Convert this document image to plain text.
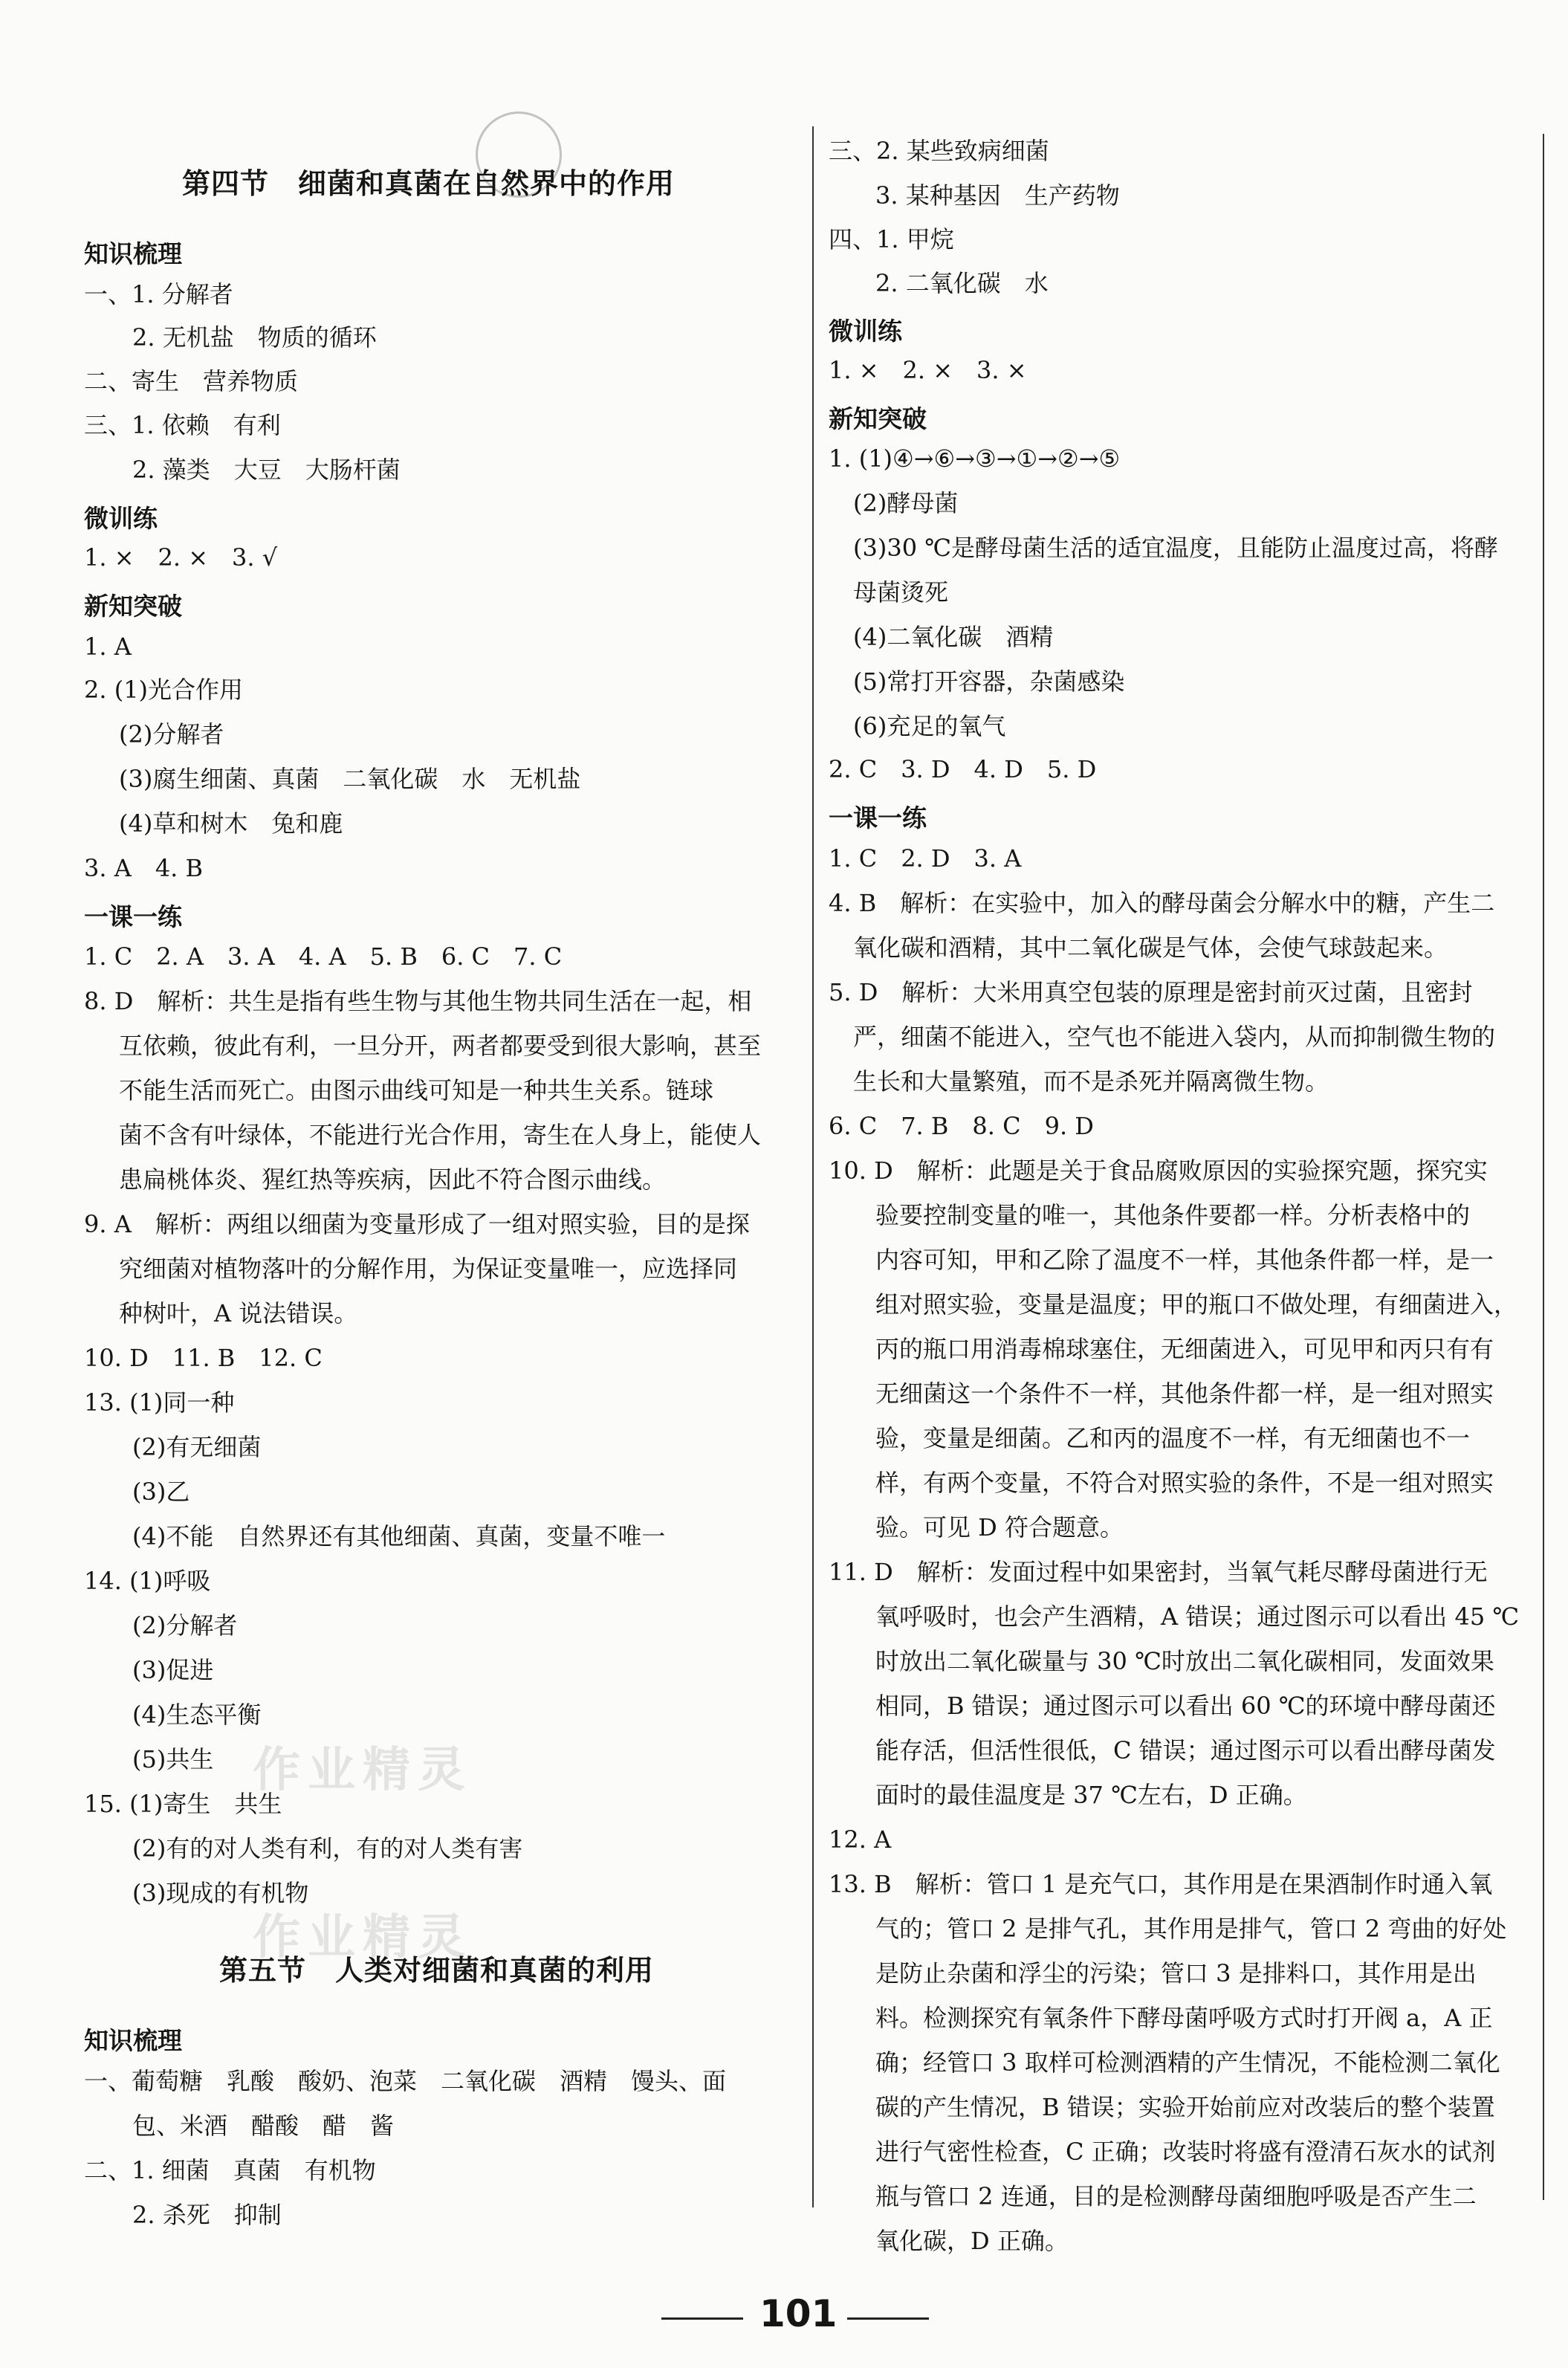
作业精灵
作业精灵
第四节　细菌和真菌在自然界中的作用
知识梳理
一、1. 分解者
2. 无机盐　物质的循环
二、寄生　营养物质
三、1. 依赖　有利
2. 藻类　大豆　大肠杆菌
微训练
1. ×　2. ×　3. √
新知突破
1. A
2. (1)光合作用
(2)分解者
(3)腐生细菌、真菌　二氧化碳　水　无机盐
(4)草和树木　兔和鹿
3. A　4. B
一课一练
1. C　2. A　3. A　4. A　5. B　6. C　7. C
8. D　解析：共生是指有些生物与其他生物共同生活在一起，相
互依赖，彼此有利，一旦分开，两者都要受到很大影响，甚至
不能生活而死亡。由图示曲线可知是一种共生关系。链球
菌不含有叶绿体，不能进行光合作用，寄生在人身上，能使人
患扁桃体炎、猩红热等疾病，因此不符合图示曲线。
9. A　解析：两组以细菌为变量形成了一组对照实验，目的是探
究细菌对植物落叶的分解作用，为保证变量唯一，应选择同
种树叶，A 说法错误。
10. D　11. B　12. C
13. (1)同一种
(2)有无细菌
(3)乙
(4)不能　自然界还有其他细菌、真菌，变量不唯一
14. (1)呼吸
(2)分解者
(3)促进
(4)生态平衡
(5)共生
15. (1)寄生　共生
(2)有的对人类有利，有的对人类有害
(3)现成的有机物
第五节　人类对细菌和真菌的利用
知识梳理
一、葡萄糖　乳酸　酸奶、泡菜　二氧化碳　酒精　馒头、面
包、米酒　醋酸　醋　酱
二、1. 细菌　真菌　有机物
2. 杀死　抑制
三、2. 某些致病细菌
3. 某种基因　生产药物
四、1. 甲烷
2. 二氧化碳　水
微训练
1. ×　2. ×　3. ×
新知突破
1. (1)④→⑥→③→①→②→⑤
(2)酵母菌
(3)30 ℃是酵母菌生活的适宜温度，且能防止温度过高，将酵
母菌烫死
(4)二氧化碳　酒精
(5)常打开容器，杂菌感染
(6)充足的氧气
2. C　3. D　4. D　5. D
一课一练
1. C　2. D　3. A
4. B　解析：在实验中，加入的酵母菌会分解水中的糖，产生二
氧化碳和酒精，其中二氧化碳是气体，会使气球鼓起来。
5. D　解析：大米用真空包装的原理是密封前灭过菌，且密封
严，细菌不能进入，空气也不能进入袋内，从而抑制微生物的
生长和大量繁殖，而不是杀死并隔离微生物。
6. C　7. B　8. C　9. D
10. D　解析：此题是关于食品腐败原因的实验探究题，探究实
验要控制变量的唯一，其他条件要都一样。分析表格中的
内容可知，甲和乙除了温度不一样，其他条件都一样，是一
组对照实验，变量是温度；甲的瓶口不做处理，有细菌进入，
丙的瓶口用消毒棉球塞住，无细菌进入，可见甲和丙只有有
无细菌这一个条件不一样，其他条件都一样，是一组对照实
验，变量是细菌。乙和丙的温度不一样，有无细菌也不一
样，有两个变量，不符合对照实验的条件，不是一组对照实
验。可见 D 符合题意。
11. D　解析：发面过程中如果密封，当氧气耗尽酵母菌进行无
氧呼吸时，也会产生酒精，A 错误；通过图示可以看出 45 ℃
时放出二氧化碳量与 30 ℃时放出二氧化碳相同，发面效果
相同，B 错误；通过图示可以看出 60 ℃的环境中酵母菌还
能存活，但活性很低，C 错误；通过图示可以看出酵母菌发
面时的最佳温度是 37 ℃左右，D 正确。
12. A
13. B　解析：管口 1 是充气口，其作用是在果酒制作时通入氧
气的；管口 2 是排气孔，其作用是排气，管口 2 弯曲的好处
是防止杂菌和浮尘的污染；管口 3 是排料口，其作用是出
料。检测探究有氧条件下酵母菌呼吸方式时打开阀 a，A 正
确；经管口 3 取样可检测酒精的产生情况，不能检测二氧化
碳的产生情况，B 错误；实验开始前应对改装后的整个装置
进行气密性检查，C 正确；改装时将盛有澄清石灰水的试剂
瓶与管口 2 连通，目的是检测酵母菌细胞呼吸是否产生二
氧化碳，D 正确。
101
